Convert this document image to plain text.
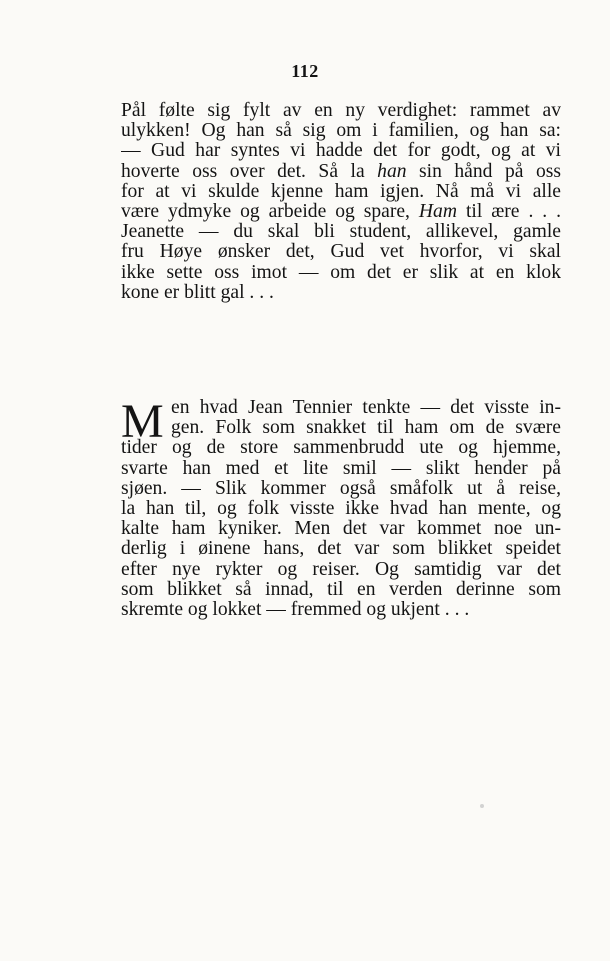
112
Pål følte sig fylt av en ny verdighet: rammet av
ulykken! Og han så sig om i familien, og han sa:
— Gud har syntes vi hadde det for godt, og at vi
hoverte oss over det. Så la han sin hånd på oss
for at vi skulde kjenne ham igjen. Nå må vi alle
være ydmyke og arbeide og spare, Ham til ære . . .
Jeanette — du skal bli student, allikevel, gamle
fru Høye ønsker det, Gud vet hvorfor, vi skal
ikke sette oss imot — om det er slik at en klok
kone er blitt gal . . .
M en hvad Jean Tennier tenkte — det visste in-
gen. Folk som snakket til ham om de svære
tider og de store sammenbrudd ute og hjemme,
svarte han med et lite smil — slikt hender på
sjøen. — Slik kommer også småfolk ut å reise,
la han til, og folk visste ikke hvad han mente, og
kalte ham kyniker. Men det var kommet noe un-
derlig i øinene hans, det var som blikket speidet
efter nye rykter og reiser. Og samtidig var det
som blikket så innad, til en verden derinne som
skremte og lokket — fremmed og ukjent . . .
